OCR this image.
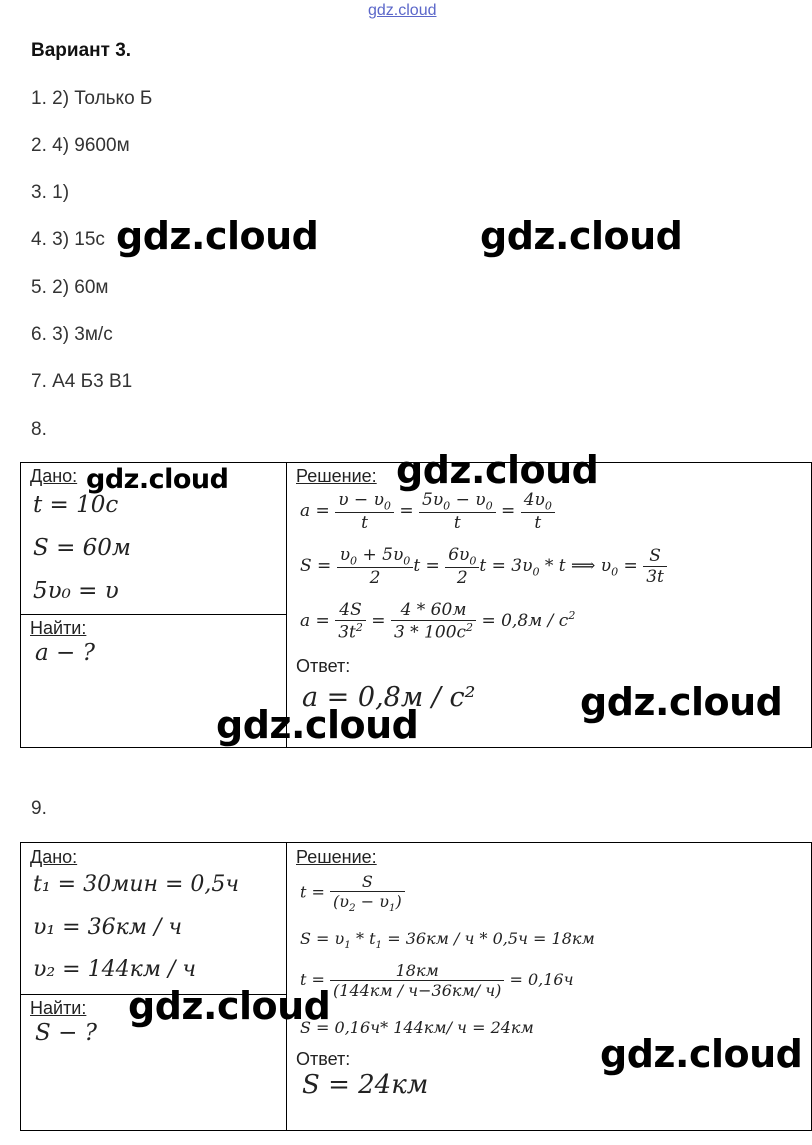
gdz.cloud
Вариант 3.
1. 2) Только Б
2. 4) 9600м
3. 1)
4. 3) 15c
5. 2) 60м
6. 3) 3м/с
7. А4 Б3 В1
8.
gdz.cloud	gdz.cloud
Дано:
t = 10c
S = 60м
5υ₀ = υ
Найти:
a − ?
Решение:
$a = \frac{\upsilon - \upsilon_0}{t} = \frac{5\upsilon_0 - \upsilon_0}{t} = \frac{4\upsilon_0}{t}$
$S = \frac{\upsilon_0 + 5\upsilon_0}{2}$ $t = \frac{6\upsilon_0}{2}$ $t = 3\upsilon_0 * t$ ⟹ $\upsilon_0 = \frac{S}{3t}$
$a = \frac{4S}{3t^2} = \frac{4 * 60м}{3 * 100c^2} = 0,8м / c^2$
Ответ:
a = 0,8м / c²
gdz.cloud	gdz.cloud
gdz.cloud
gdz.cloud
9.
Дано:
t₁ = 30мин = 0,5ч
υ₁ = 36км / ч
υ₂ = 144км / ч
Найти:
S − ?
Решение:
$t = \frac{S}{(\upsilon_2 - \upsilon_1)}$
$S = \upsilon_1 * t_1 = 36км / ч * 0,5ч = 18км$
$t = \frac{18км}{(144км / ч-36км/ ч)} = 0,16ч$
S = 0,16ч* 144км/ ч = 24км
Ответ:
S = 24км
gdz.cloud
gdz.cloud
